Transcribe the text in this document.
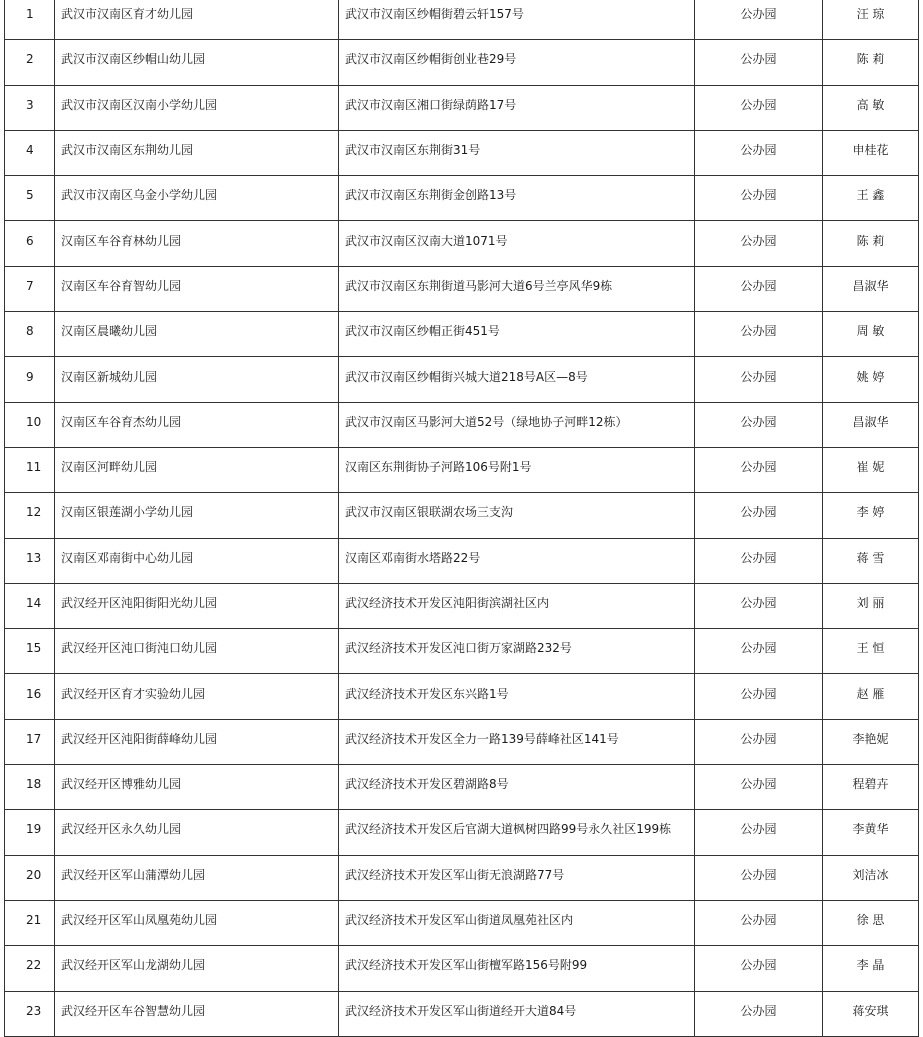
1	武汉市汉南区育才幼儿园	武汉市汉南区纱帽街碧云轩157号	公办园	汪 琼
2	武汉市汉南区纱帽山幼儿园	武汉市汉南区纱帽街创业巷29号	公办园	陈 莉
3	武汉市汉南区汉南小学幼儿园	武汉市汉南区湘口街绿荫路17号	公办园	高 敏
4	武汉市汉南区东荆幼儿园	武汉市汉南区东荆街31号	公办园	申桂花
5	武汉市汉南区乌金小学幼儿园	武汉市汉南区东荆街金创路13号	公办园	王 鑫
6	汉南区车谷育林幼儿园	武汉市汉南区汉南大道1071号	公办园	陈 莉
7	汉南区车谷育智幼儿园	武汉市汉南区东荆街道马影河大道6号兰亭风华9栋	公办园	昌淑华
8	汉南区晨曦幼儿园	武汉市汉南区纱帽正街451号	公办园	周 敏
9	汉南区新城幼儿园	武汉市汉南区纱帽街兴城大道218号A区—8号	公办园	姚 婷
10	汉南区车谷育杰幼儿园	武汉市汉南区马影河大道52号（绿地协子河畔12栋）	公办园	昌淑华
11	汉南区河畔幼儿园	汉南区东荆街协子河路106号附1号	公办园	崔 妮
12	汉南区银莲湖小学幼儿园	武汉市汉南区银联湖农场三支沟	公办园	李 婷
13	汉南区邓南街中心幼儿园	汉南区邓南街水塔路22号	公办园	蒋 雪
14	武汉经开区沌阳街阳光幼儿园	武汉经济技术开发区沌阳街滨湖社区内	公办园	刘 丽
15	武汉经开区沌口街沌口幼儿园	武汉经济技术开发区沌口街万家湖路232号	公办园	王 恒
16	武汉经开区育才实验幼儿园	武汉经济技术开发区东兴路1号	公办园	赵 雁
17	武汉经开区沌阳街薛峰幼儿园	武汉经济技术开发区全力一路139号薛峰社区141号	公办园	李艳妮
18	武汉经开区博雅幼儿园	武汉经济技术开发区碧湖路8号	公办园	程碧卉
19	武汉经开区永久幼儿园	武汉经济技术开发区后官湖大道枫树四路99号永久社区199栋	公办园	李黄华
20	武汉经开区军山蒲潭幼儿园	武汉经济技术开发区军山街无浪湖路77号	公办园	刘洁冰
21	武汉经开区军山凤凰苑幼儿园	武汉经济技术开发区军山街道凤凰苑社区内	公办园	徐 思
22	武汉经开区军山龙湖幼儿园	武汉经济技术开发区军山街檀军路156号附99	公办园	李 晶
23	武汉经开区车谷智慧幼儿园	武汉经济技术开发区军山街道经开大道84号	公办园	蒋安琪
